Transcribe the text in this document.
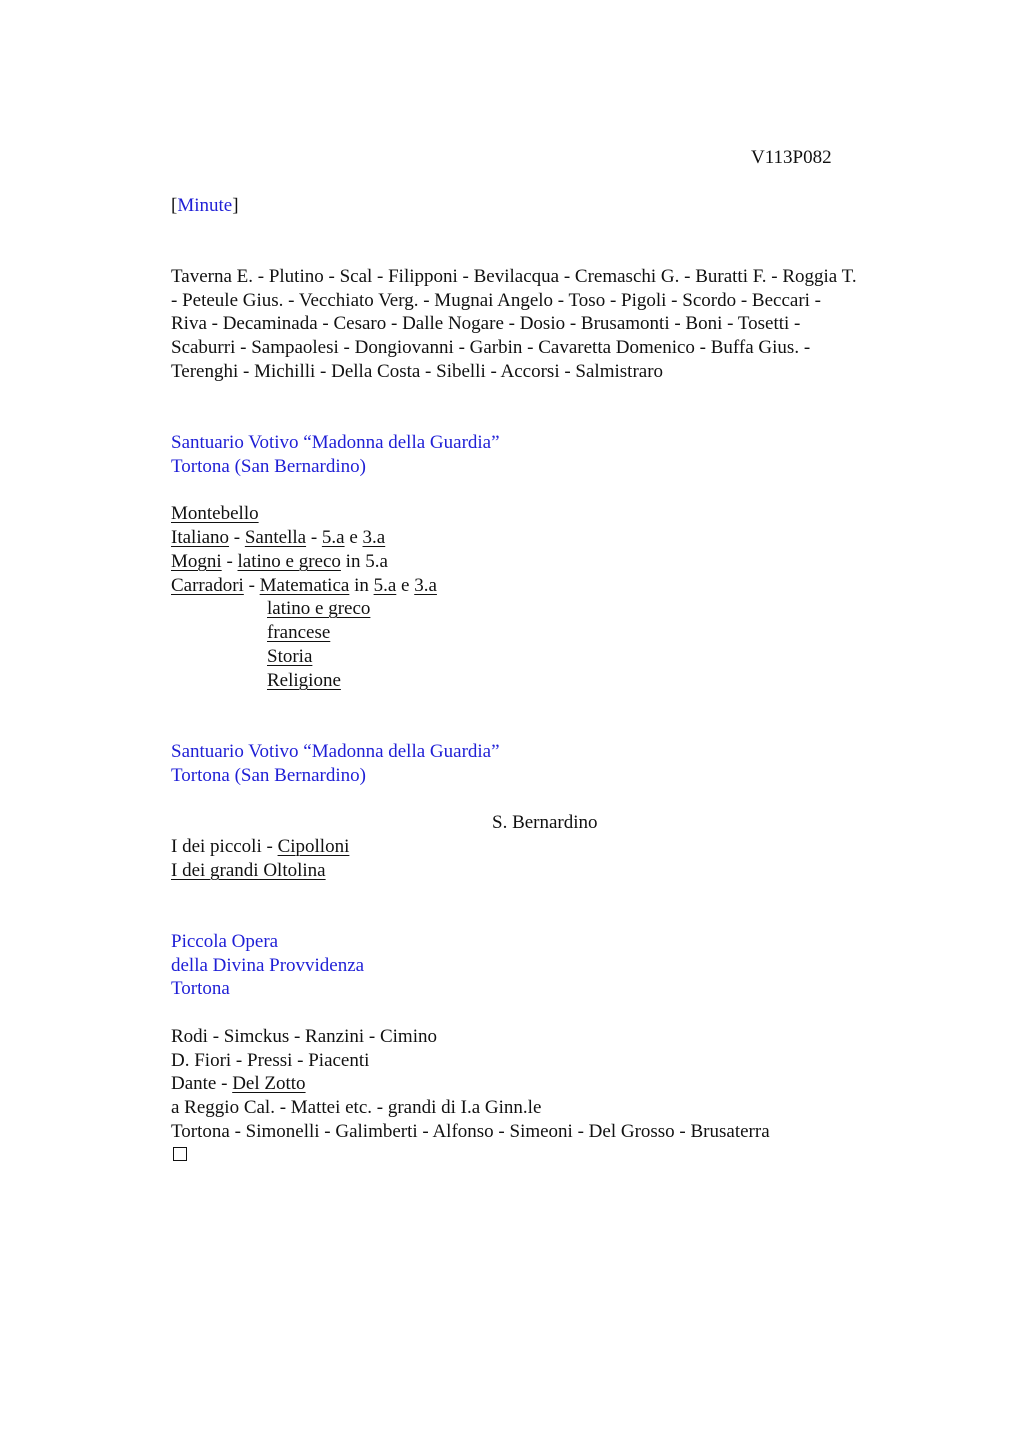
V113P082
[Minute]
Taverna E. - Plutino - Scal - Filipponi - Bevilacqua - Cremaschi G. - Buratti F. - Roggia T.
- Peteule Gius. - Vecchiato Verg. - Mugnai Angelo - Toso - Pigoli - Scordo - Beccari -
Riva - Decaminada - Cesaro - Dalle Nogare - Dosio - Brusamonti - Boni - Tosetti -
Scaburri - Sampaolesi - Dongiovanni - Garbin - Cavaretta Domenico - Buffa Gius. -
Terenghi - Michilli - Della Costa - Sibelli - Accorsi - Salmistraro
Santuario Votivo “Madonna della Guardia”
Tortona (San Bernardino)
Montebello
Italiano - Santella - 5.a e 3.a
Mogni - latino e greco in 5.a
Carradori - Matematica in 5.a e 3.a
latino e greco
francese
Storia
Religione
Santuario Votivo “Madonna della Guardia”
Tortona (San Bernardino)
S. Bernardino
I dei piccoli - Cipolloni
I dei grandi Oltolina
Piccola Opera
della Divina Provvidenza
Tortona
Rodi - Simckus - Ranzini - Cimino
D. Fiori - Pressi - Piacenti
Dante - Del Zotto
a Reggio Cal. - Mattei etc. - grandi di I.a Ginn.le
Tortona - Simonelli - Galimberti - Alfonso - Simeoni - Del Grosso - Brusaterra
